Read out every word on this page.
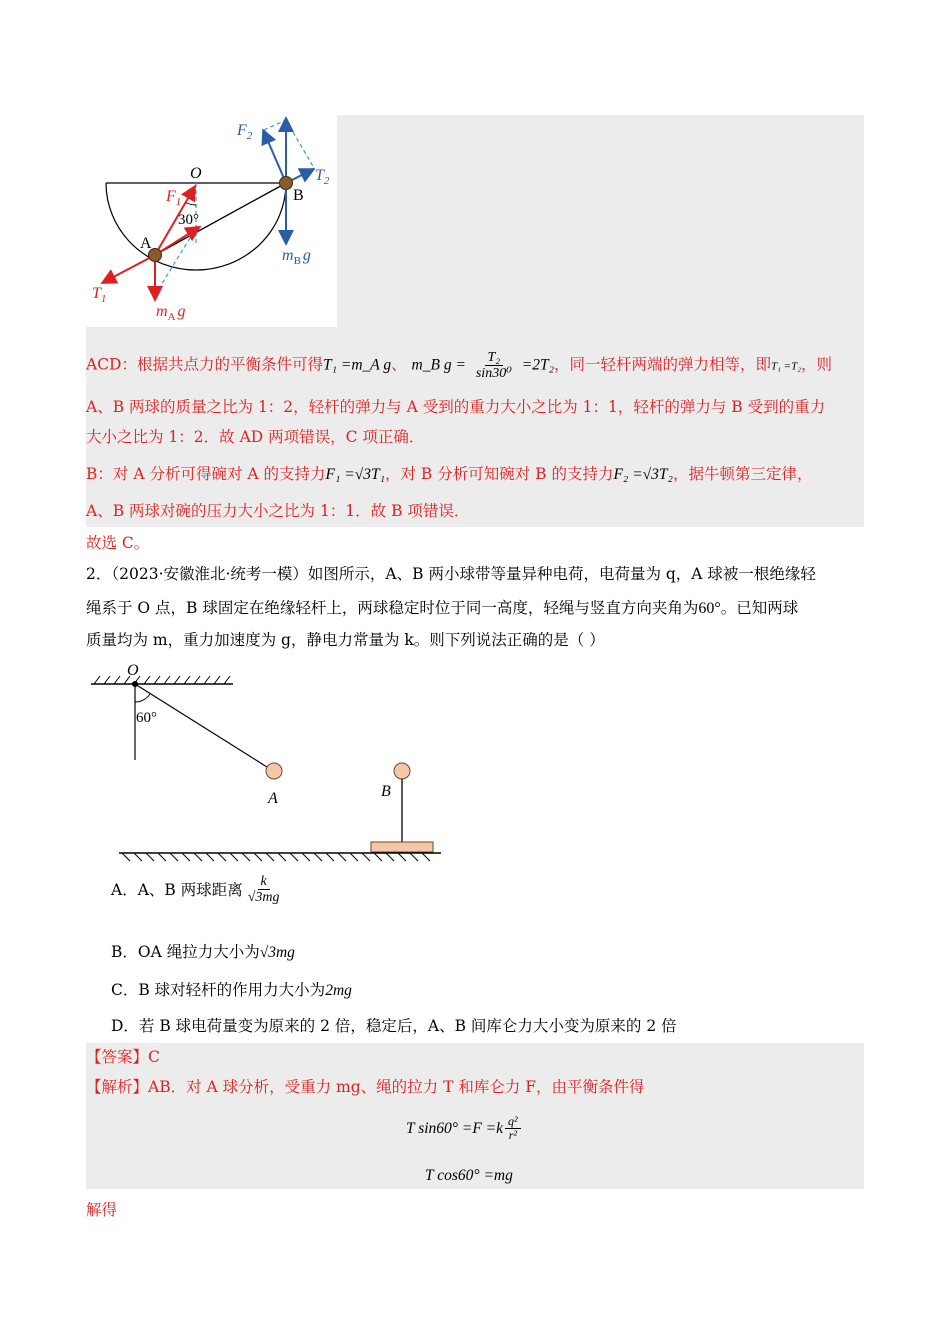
O
$F_1$
30°
A
B
$F_2$
$T_2$
$T_1$
$m_B$ g
$m_A$ g
ACD：根据共点力的平衡条件可得T₁ =m_A g、 m_B $g = \frac{\text{T₂}}{\text{sin30⁰}} =2T_2$，同一轻杆两端的弹力相等，即T₁ =T₂，则
A、B 两球的质量之比为 1：2，轻杆的弹力与 A 受到的重力大小之比为 1：1，轻杆的弹力与 B 受到的重力
大小之比为 1：2．故 AD 两项错误，C 项正确．
B：对 A 分析可得碗对 A 的支持力F₁ =√3T₁，对 B 分析可知碗对 B 的支持力F₂ =√3T₂，据牛顿第三定律，
A、B 两球对碗的压力大小之比为 1：1．故 B 项错误．
故选 C。
2．（2023·安徽淮北·统考一模）如图所示，A、B 两小球带等量异种电荷，电荷量为 q，A 球被一根绝缘轻
绳系于 O 点，B 球固定在绝缘轻杆上，两球稳定时位于同一高度，轻绳与竖直方向夹角为60°。已知两球
质量均为 m，重力加速度为 g，静电力常量为 k。则下列说法正确的是（ ）
O
60°
A	B
A．A、B 两球距离 $\frac{k}{√3mg}$
B．OA 绳拉力大小为√3mg
C．B 球对轻杆的作用力大小为2mg
D．若 B 球电荷量变为原来的 2 倍，稳定后，A、B 间库仑力大小变为原来的 2 倍
【答案】C
【解析】AB．对 A 球分析，受重力 mg、绳的拉力 T 和库仑力 F，由平衡条件得
T $\sin 60^\circ =F =k \frac{\text{q²}}{\text{r²}}$
T cos60° =mg
解得
